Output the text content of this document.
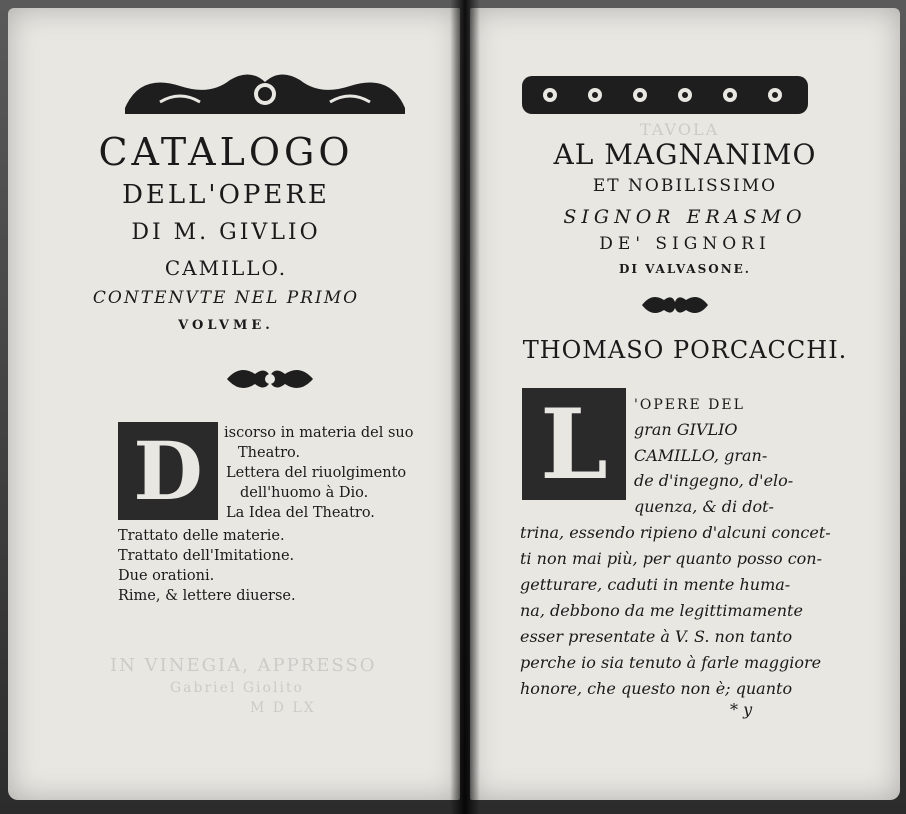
IN VINEGIA, APPRESSO
Gabriel Giolito
M D LX
TAVOLA
CATALOGO
DELL'OPERE
DI M. GIVLIO
CAMILLO.
CONTENVTE NEL PRIMO
VOLVME.
D	iscorso in materia del suo
Theatro.
Lettera del riuolgimento
dell'huomo à Dio.
La Idea del Theatro.
Trattato delle materie.
Trattato dell'Imitatione.
Due orationi.
Rime, & lettere diuerse.
AL MAGNANIMO
ET NOBILISSIMO
SIGNOR ERASMO
DE' SIGNORI
DI VALVASONE.
THOMASO PORCACCHI.
L	'OPERE DEL
gran GIVLIO
CAMILLO, gran-
de d'ingegno, d'elo-
quenza, & di dot-
trina, essendo ripieno d'alcuni concet-
ti non mai più, per quanto posso con-
getturare, caduti in mente huma-
na, debbono da me legittimamente
esser presentate à V. S. non tanto
perche io sia tenuto à farle maggiore
honore, che questo non è; quanto
* y
